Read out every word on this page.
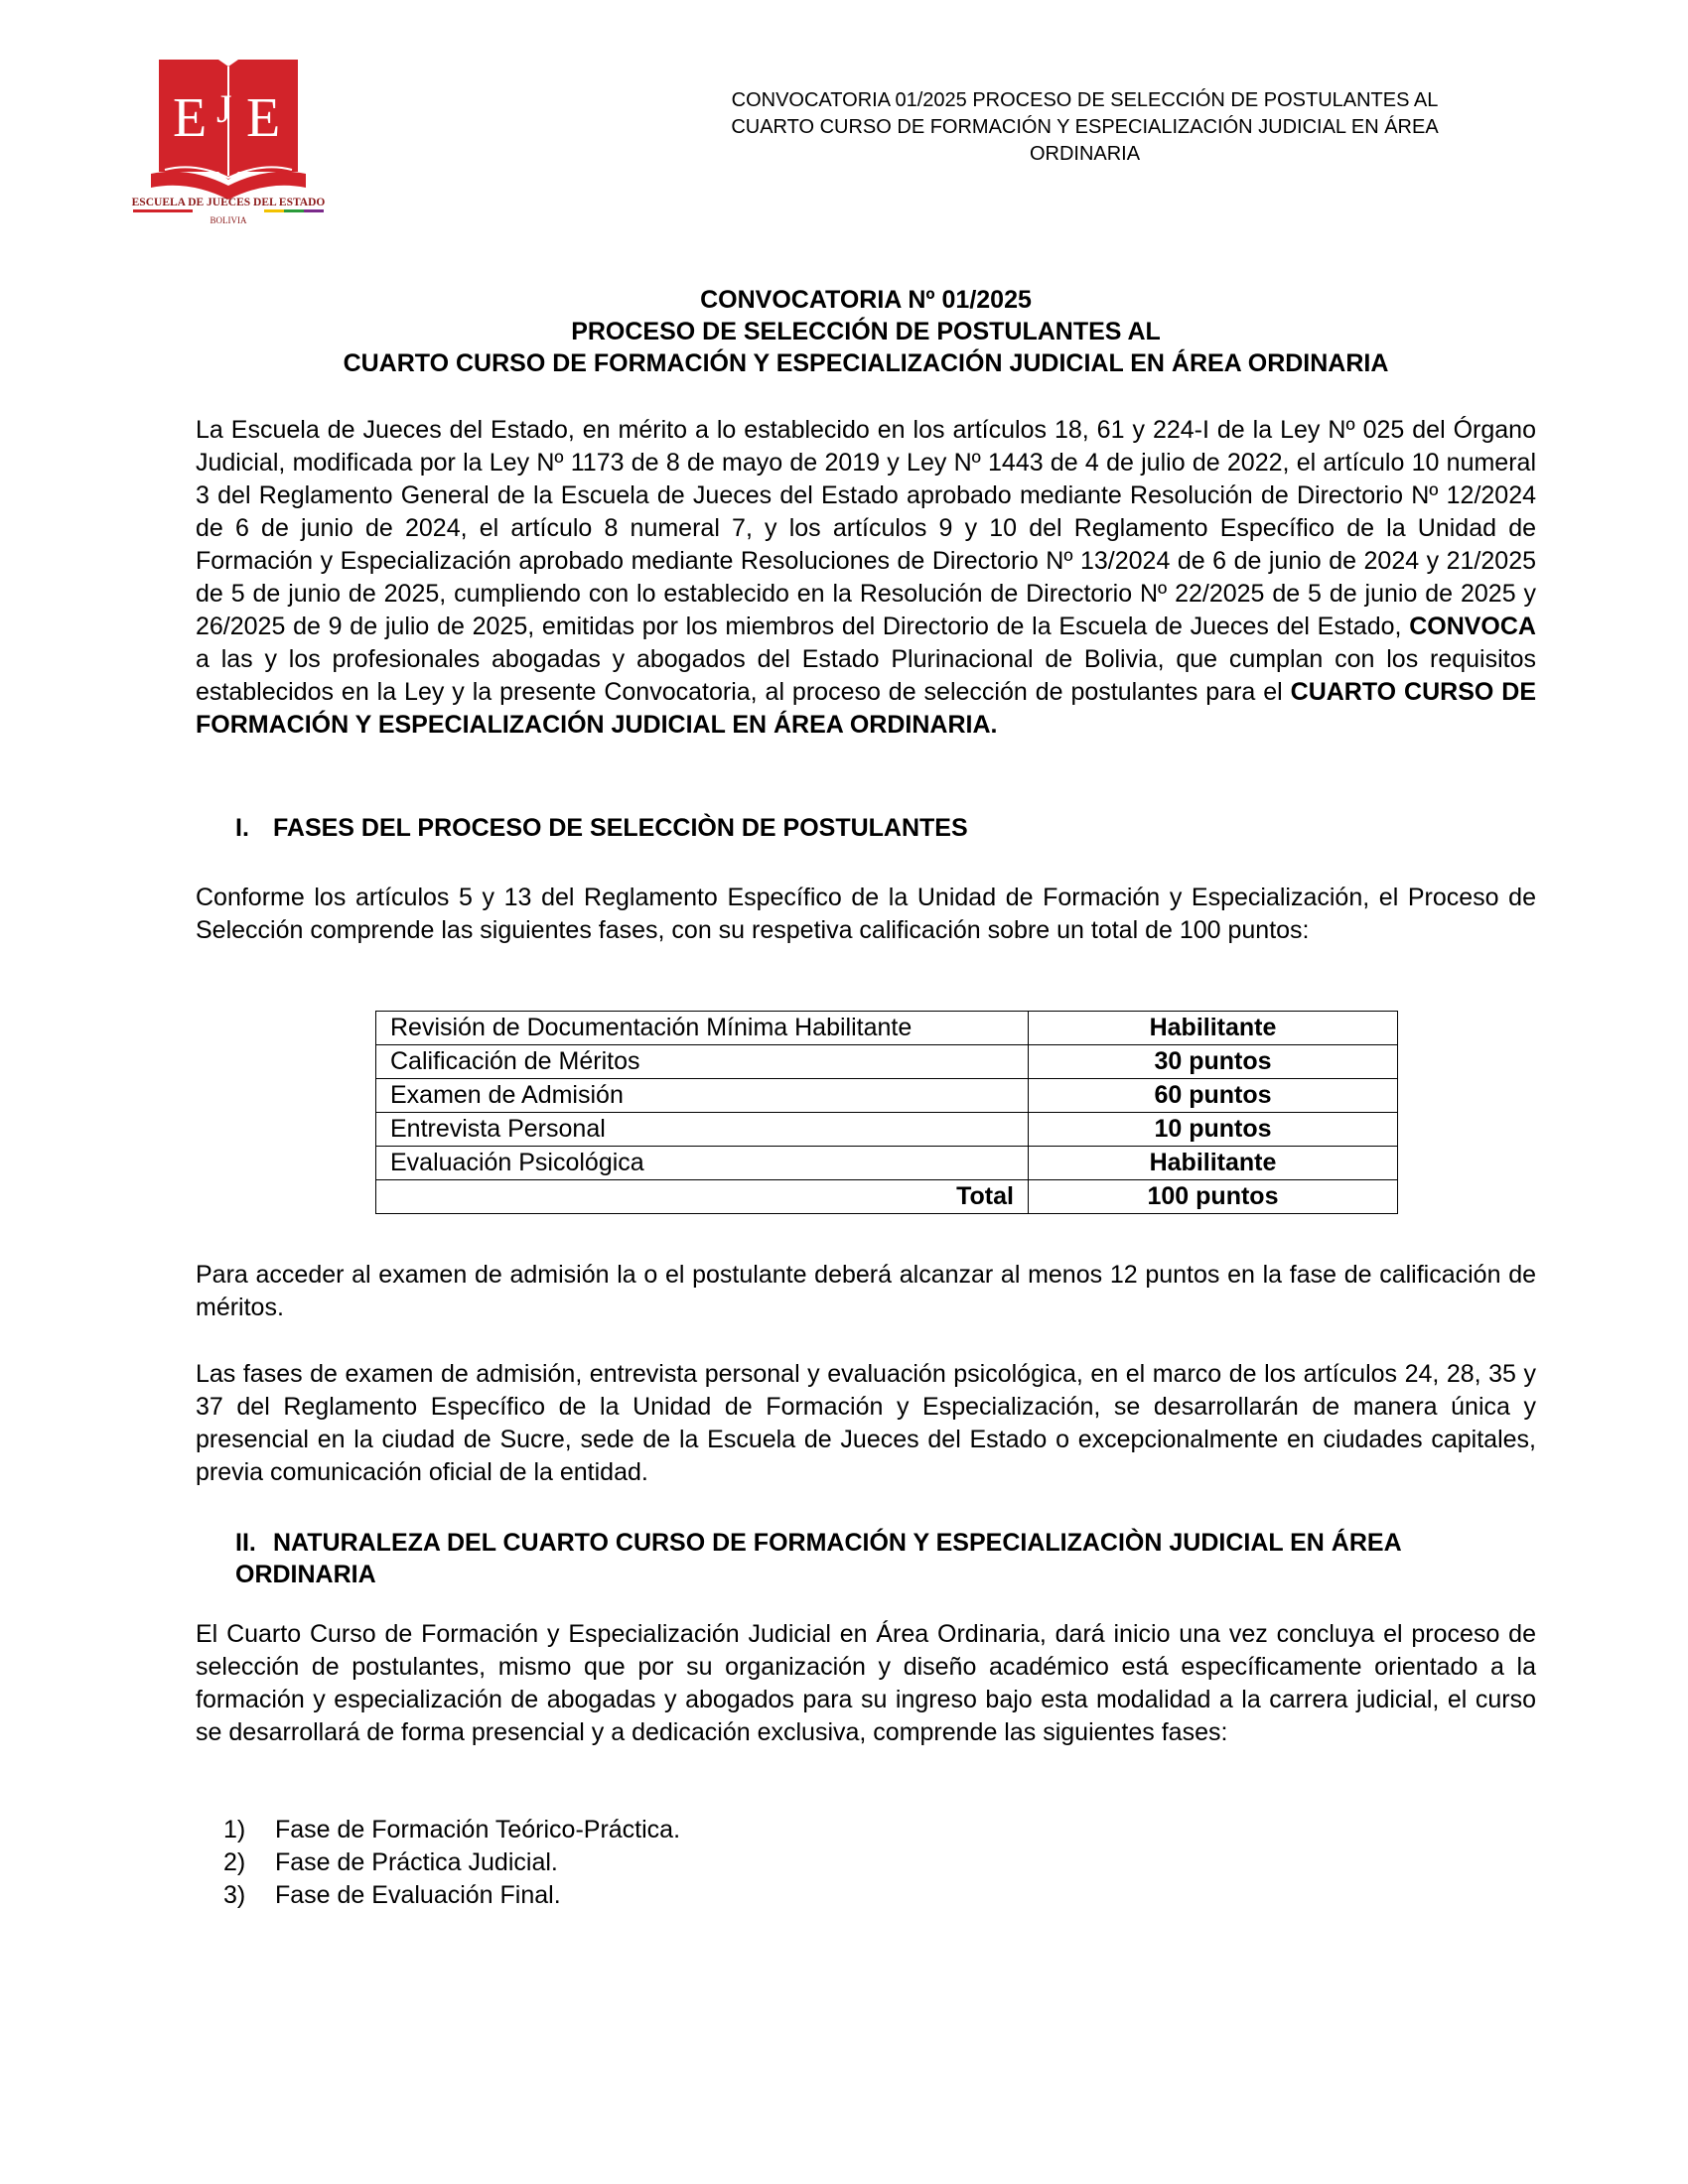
E J E
ESCUELA DE JUECES DEL ESTADO
BOLIVIA
CONVOCATORIA 01/2025 PROCESO DE SELECCIÓN DE POSTULANTES AL
CUARTO CURSO DE FORMACIÓN Y ESPECIALIZACIÓN JUDICIAL EN ÁREA
ORDINARIA
CONVOCATORIA Nº 01/2025
PROCESO DE SELECCIÓN DE POSTULANTES AL
CUARTO CURSO DE FORMACIÓN Y ESPECIALIZACIÓN JUDICIAL EN ÁREA ORDINARIA

La Escuela de Jueces del Estado, en mérito a lo establecido en los artículos 18, 61 y 224-I de la Ley Nº 025 del Órgano Judicial, modificada por la Ley Nº 1173 de 8 de mayo de 2019 y Ley Nº 1443 de 4 de julio de 2022, el artículo 10 numeral 3 del Reglamento General de la Escuela de Jueces del Estado aprobado mediante Resolución de Directorio Nº 12/2024 de 6 de junio de 2024, el artículo 8 numeral 7, y los artículos 9 y 10 del Reglamento Específico de la Unidad de Formación y Especialización aprobado mediante Resoluciones de Directorio Nº 13/2024 de 6 de junio de 2024 y 21/2025 de 5 de junio de 2025, cumpliendo con lo establecido en la Resolución de Directorio Nº 22/2025 de 5 de junio de 2025 y 26/2025 de 9 de julio de 2025, emitidas por los miembros del Directorio de la Escuela de Jueces del Estado, CONVOCA a las y los profesionales abogadas y abogados del Estado Plurinacional de Bolivia, que cumplan con los requisitos establecidos en la Ley y la presente Convocatoria, al proceso de selección de postulantes para el CUARTO CURSO DE FORMACIÓN Y ESPECIALIZACIÓN JUDICIAL EN ÁREA ORDINARIA.

I. FASES DEL PROCESO DE SELECCIÒN DE POSTULANTES

Conforme los artículos 5 y 13 del Reglamento Específico de la Unidad de Formación y Especialización, el Proceso de Selección comprende las siguientes fases, con su respetiva calificación sobre un total de 100 puntos:

Revisión de Documentación Mínima Habilitante	Habilitante
Calificación de Méritos	30 puntos
Examen de Admisión	60 puntos
Entrevista Personal	10 puntos
Evaluación Psicológica	Habilitante
Total	100 puntos

Para acceder al examen de admisión la o el postulante deberá alcanzar al menos 12 puntos en la fase de calificación de méritos.

Las fases de examen de admisión, entrevista personal y evaluación psicológica, en el marco de los artículos 24, 28, 35 y 37 del Reglamento Específico de la Unidad de Formación y Especialización, se desarrollarán de manera única y presencial en la ciudad de Sucre, sede de la Escuela de Jueces del Estado o excepcionalmente en ciudades capitales, previa comunicación oficial de la entidad.

II. NATURALEZA DEL CUARTO CURSO DE FORMACIÓN Y ESPECIALIZACIÒN JUDICIAL EN ÁREA
ORDINARIA

El Cuarto Curso de Formación y Especialización Judicial en Área Ordinaria, dará inicio una vez concluya el proceso de selección de postulantes, mismo que por su organización y diseño académico está específicamente orientado a la formación y especialización de abogadas y abogados para su ingreso bajo esta modalidad a la carrera judicial, el curso se desarrollará de forma presencial y a dedicación exclusiva, comprende las siguientes fases:

1) Fase de Formación Teórico-Práctica.
2) Fase de Práctica Judicial.
3) Fase de Evaluación Final.
